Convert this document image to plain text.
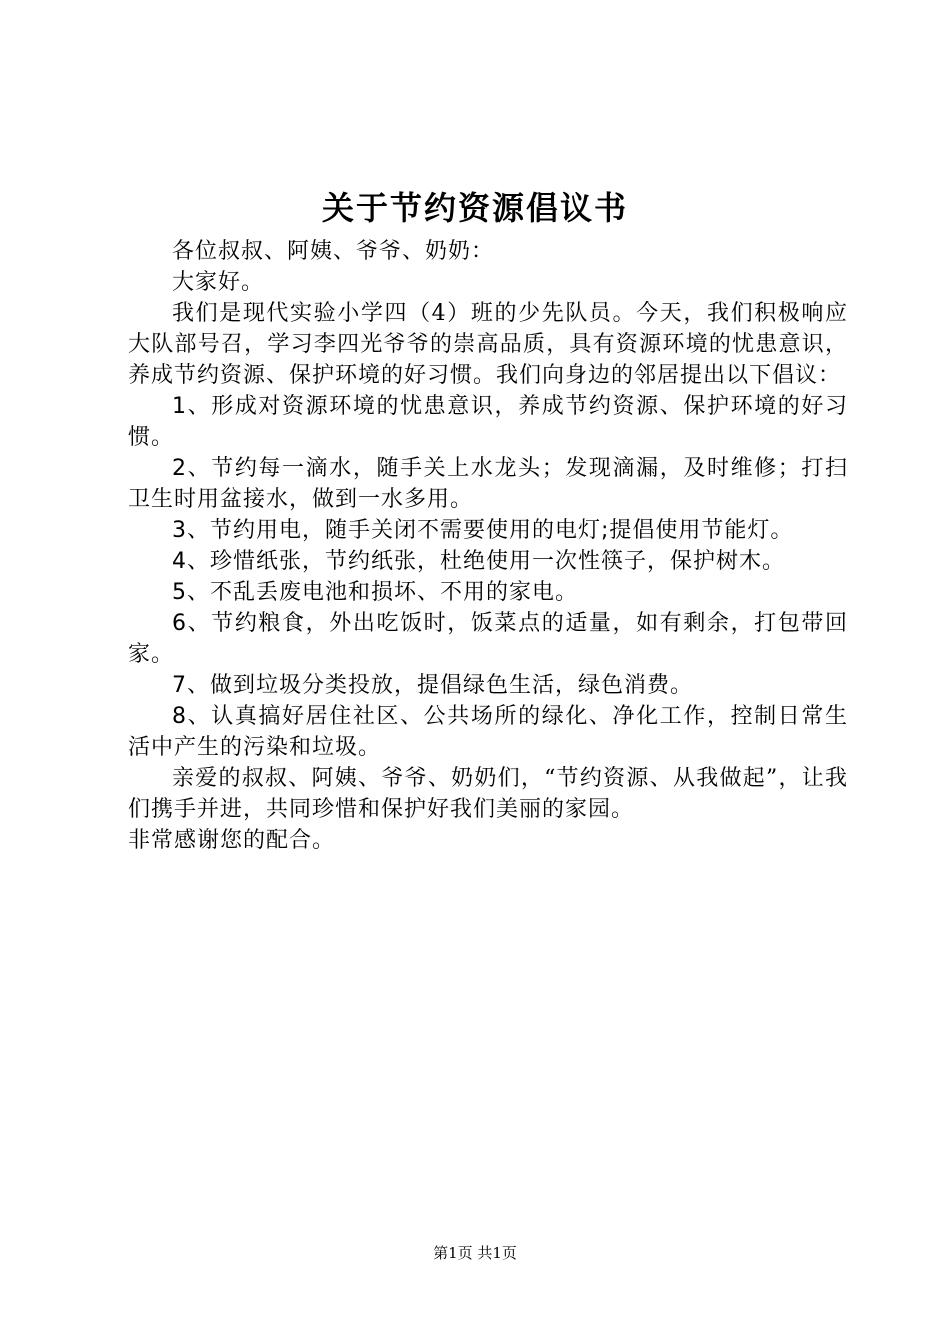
关于节约资源倡议书

各位叔叔、阿姨、爷爷、奶奶：

大家好。

我们是现代实验小学四（4）班的少先队员。今天，我们积极响应大队部号召，学习李四光爷爷的崇高品质，具有资源环境的忧患意识，养成节约资源、保护环境的好习惯。我们向身边的邻居提出以下倡议：

1、形成对资源环境的忧患意识，养成节约资源、保护环境的好习惯。

2、节约每一滴水，随手关上水龙头；发现滴漏，及时维修；打扫卫生时用盆接水，做到一水多用。

3、节约用电，随手关闭不需要使用的电灯;提倡使用节能灯。

4、珍惜纸张，节约纸张，杜绝使用一次性筷子，保护树木。

5、不乱丢废电池和损坏、不用的家电。

6、节约粮食，外出吃饭时，饭菜点的适量，如有剩余，打包带回家。

7、做到垃圾分类投放，提倡绿色生活，绿色消费。

8、认真搞好居住社区、公共场所的绿化、净化工作，控制日常生活中产生的污染和垃圾。

亲爱的叔叔、阿姨、爷爷、奶奶们，“节约资源、从我做起”，让我们携手并进，共同珍惜和保护好我们美丽的家园。

非常感谢您的配合。

第1页 共1页
